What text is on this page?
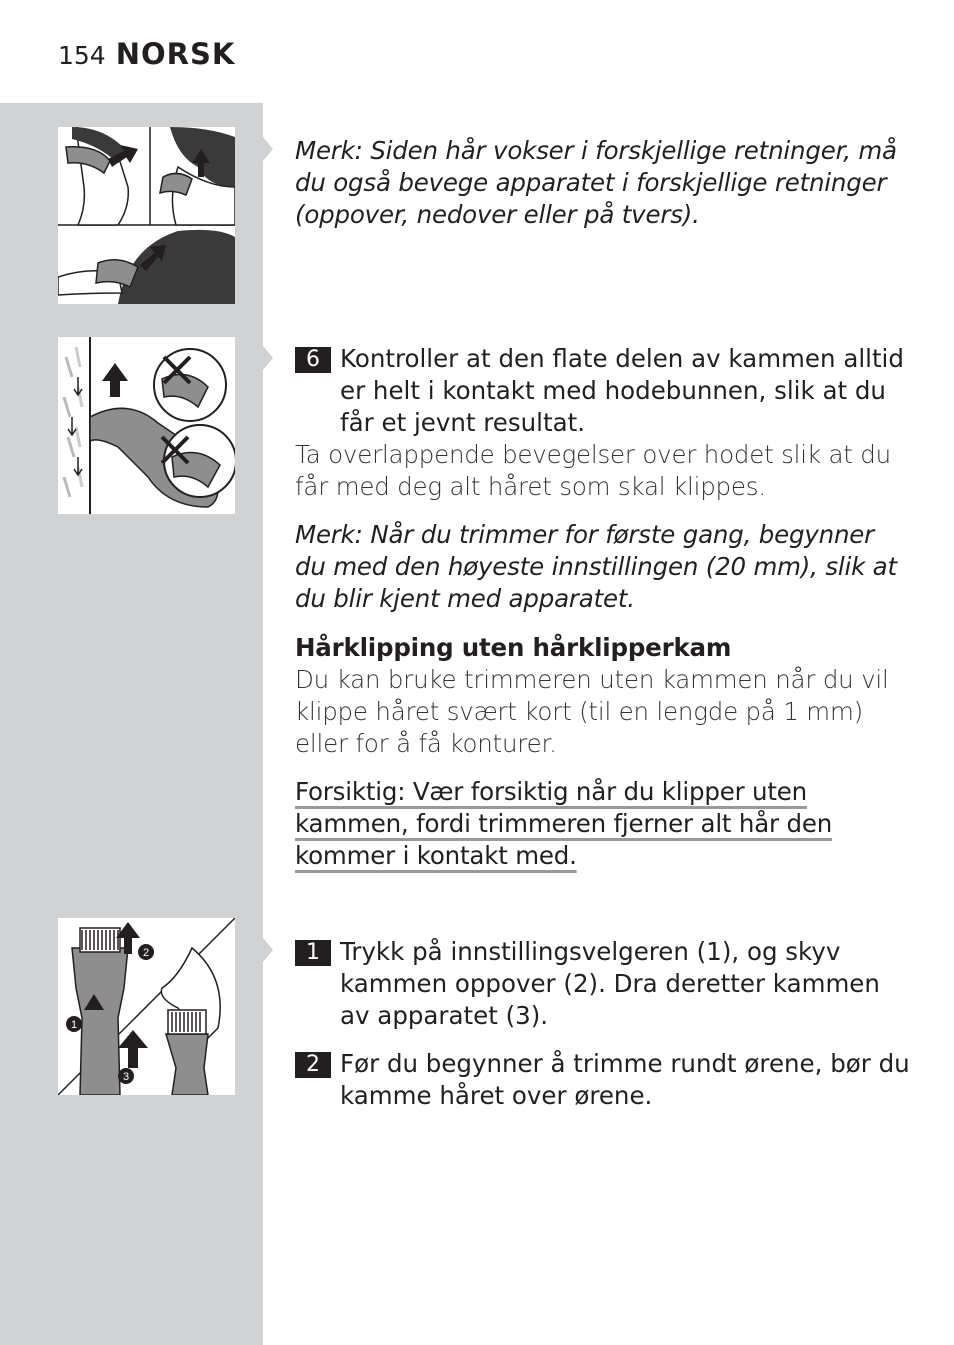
154 NORSK
2
1
3
Merk: Siden hår vokser i forskjellige retninger, må du også bevege apparatet i forskjellige retninger (oppover, nedover eller på tvers).
6 Kontroller at den flate delen av kammen alltid er helt i kontakt med hodebunnen, slik at du får et jevnt resultat.
Ta overlappende bevegelser over hodet slik at du får med deg alt håret som skal klippes.
Merk: Når du trimmer for første gang, begynner du med den høyeste innstillingen (20 mm), slik at du blir kjent med apparatet.
Hårklipping uten hårklipperkam
Du kan bruke trimmeren uten kammen når du vil klippe håret svært kort (til en lengde på 1 mm) eller for å få konturer.
Forsiktig: Vær forsiktig når du klipper uten kammen, fordi trimmeren fjerner alt hår den kommer i kontakt med.
1 Trykk på innstillingsvelgeren (1), og skyv kammen oppover (2). Dra deretter kammen av apparatet (3).
2 Før du begynner å trimme rundt ørene, bør du kamme håret over ørene.
